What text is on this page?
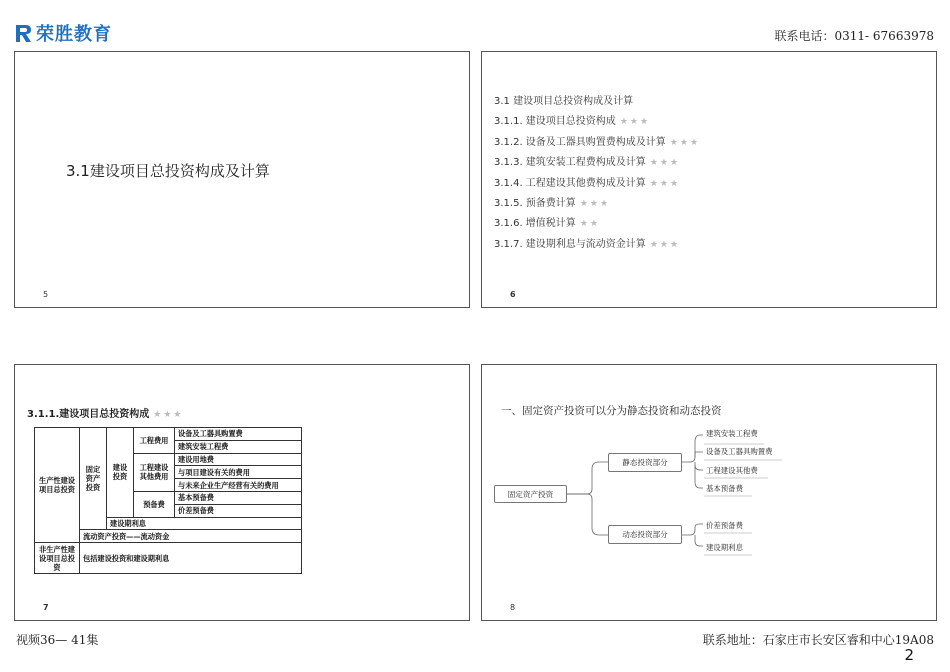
荣胜教育	联系电话：0311- 67663978
3.1建设项目总投资构成及计算
5
3.1 建设项目总投资构成及计算
3.1.1. 建设项目总投资构成 ★★★
3.1.2. 设备及工器具购置费构成及计算 ★★★
3.1.3. 建筑安装工程费构成及计算 ★★★
3.1.4. 工程建设其他费构成及计算 ★★★
3.1.5. 预备费计算 ★★★
3.1.6. 增值税计算 ★★
3.1.7. 建设期利息与流动资金计算 ★★★
6
3.1.1.建设项目总投资构成 ★★★
生产性建设项目总投资	固定资产投资	建设投资	工程费用	设备及工器具购置费
				建筑安装工程费
			工程建设其他费用	建设用地费
				与项目建设有关的费用
				与未来企业生产经营有关的费用
			预备费	基本预备费
				价差预备费
		建设期利息		
	流动资产投资——流动资金			
非生产性建设项目总投资	包括建设投资和建设期利息			
7
一、固定资产投资可以分为静态投资和动态投资
固定资产投资
静态投资部分
动态投资部分
建筑安装工程费
设备及工器具购置费
工程建设其他费
基本预备费
价差预备费
建设期利息
8
视频36— 41集	联系地址：石家庄市长安区睿和中心19A08
2
